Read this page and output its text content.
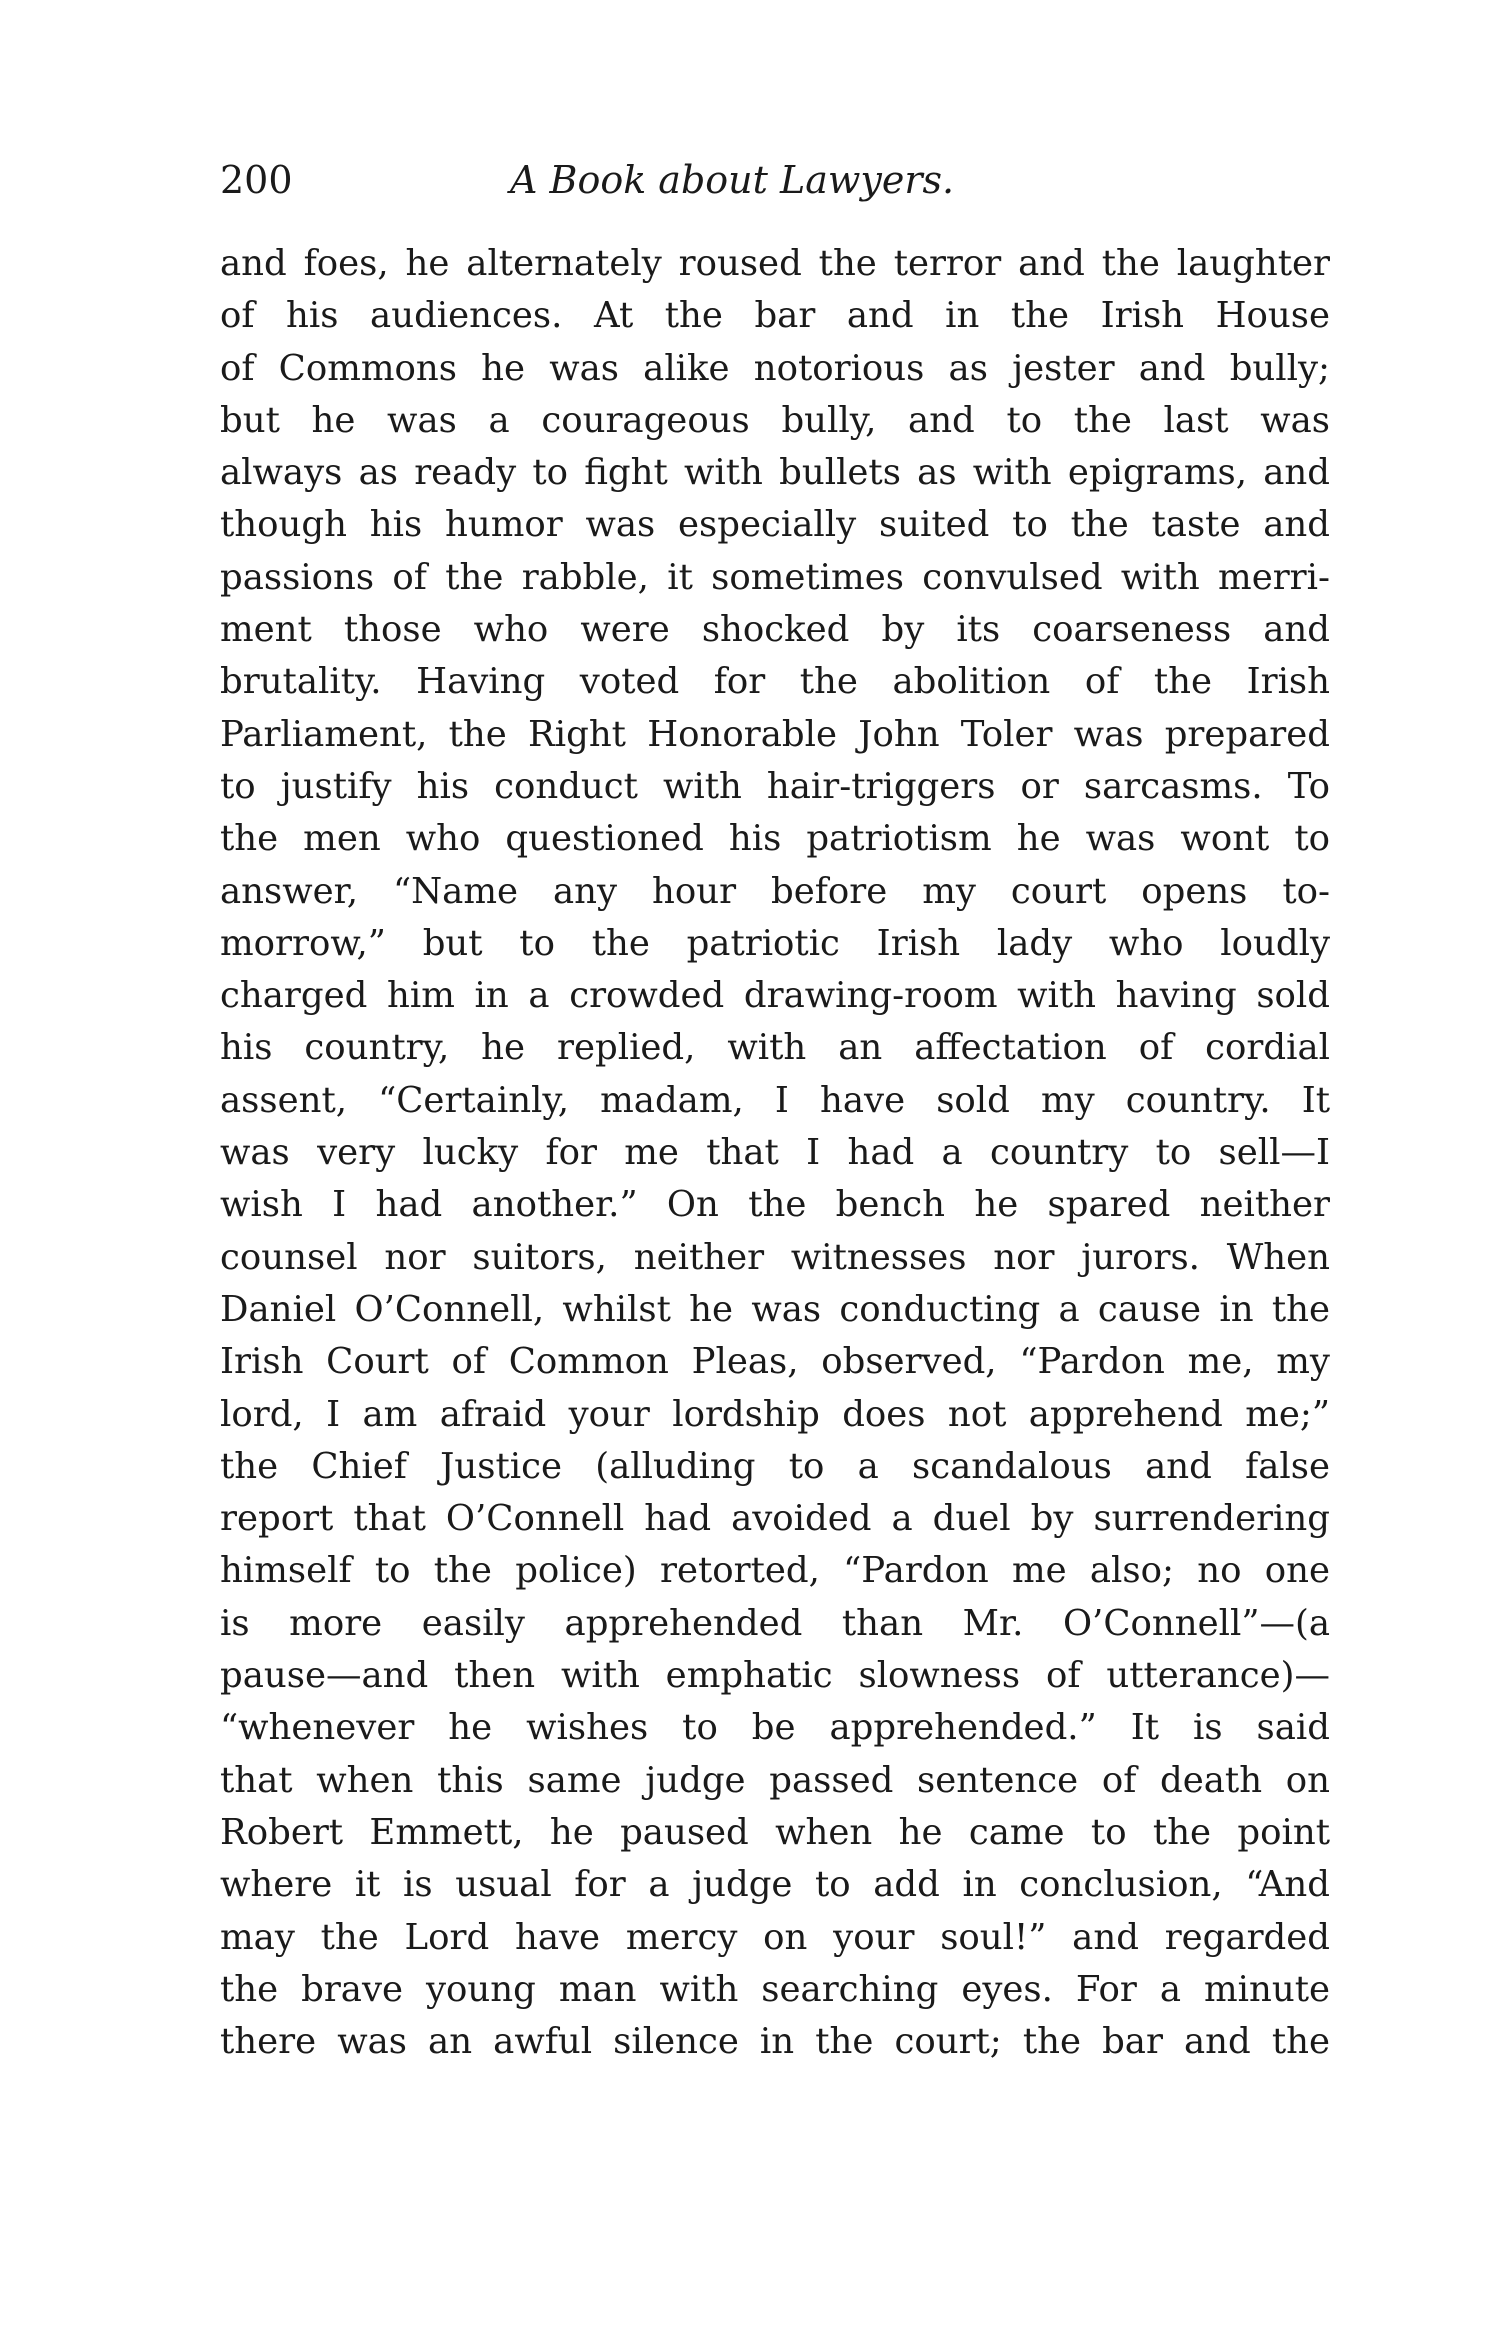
200	A Book about Lawyers.
and foes, he alternately roused the terror and the laughter
of his audiences. At the bar and in the Irish House
of Commons he was alike notorious as jester and bully;
but he was a courageous bully, and to the last was
always as ready to fight with bullets as with epigrams, and
though his humor was especially suited to the taste and
passions of the rabble, it sometimes convulsed with merri-
ment those who were shocked by its coarseness and
brutality. Having voted for the abolition of the Irish
Parliament, the Right Honorable John Toler was prepared
to justify his conduct with hair-triggers or sarcasms. To
the men who questioned his patriotism he was wont to
answer, “Name any hour before my court opens to-
morrow,” but to the patriotic Irish lady who loudly
charged him in a crowded drawing-room with having sold
his country, he replied, with an affectation of cordial
assent, “Certainly, madam, I have sold my country. It
was very lucky for me that I had a country to sell—I
wish I had another.” On the bench he spared neither
counsel nor suitors, neither witnesses nor jurors. When
Daniel O’Connell, whilst he was conducting a cause in the
Irish Court of Common Pleas, observed, “Pardon me, my
lord, I am afraid your lordship does not apprehend me;”
the Chief Justice (alluding to a scandalous and false
report that O’Connell had avoided a duel by surrendering
himself to the police) retorted, “Pardon me also; no one
is more easily apprehended than Mr. O’Connell”—(a
pause—and then with emphatic slowness of utterance)—
“whenever he wishes to be apprehended.” It is said
that when this same judge passed sentence of death on
Robert Emmett, he paused when he came to the point
where it is usual for a judge to add in conclusion, “And
may the Lord have mercy on your soul!” and regarded
the brave young man with searching eyes. For a minute
there was an awful silence in the court; the bar and the
